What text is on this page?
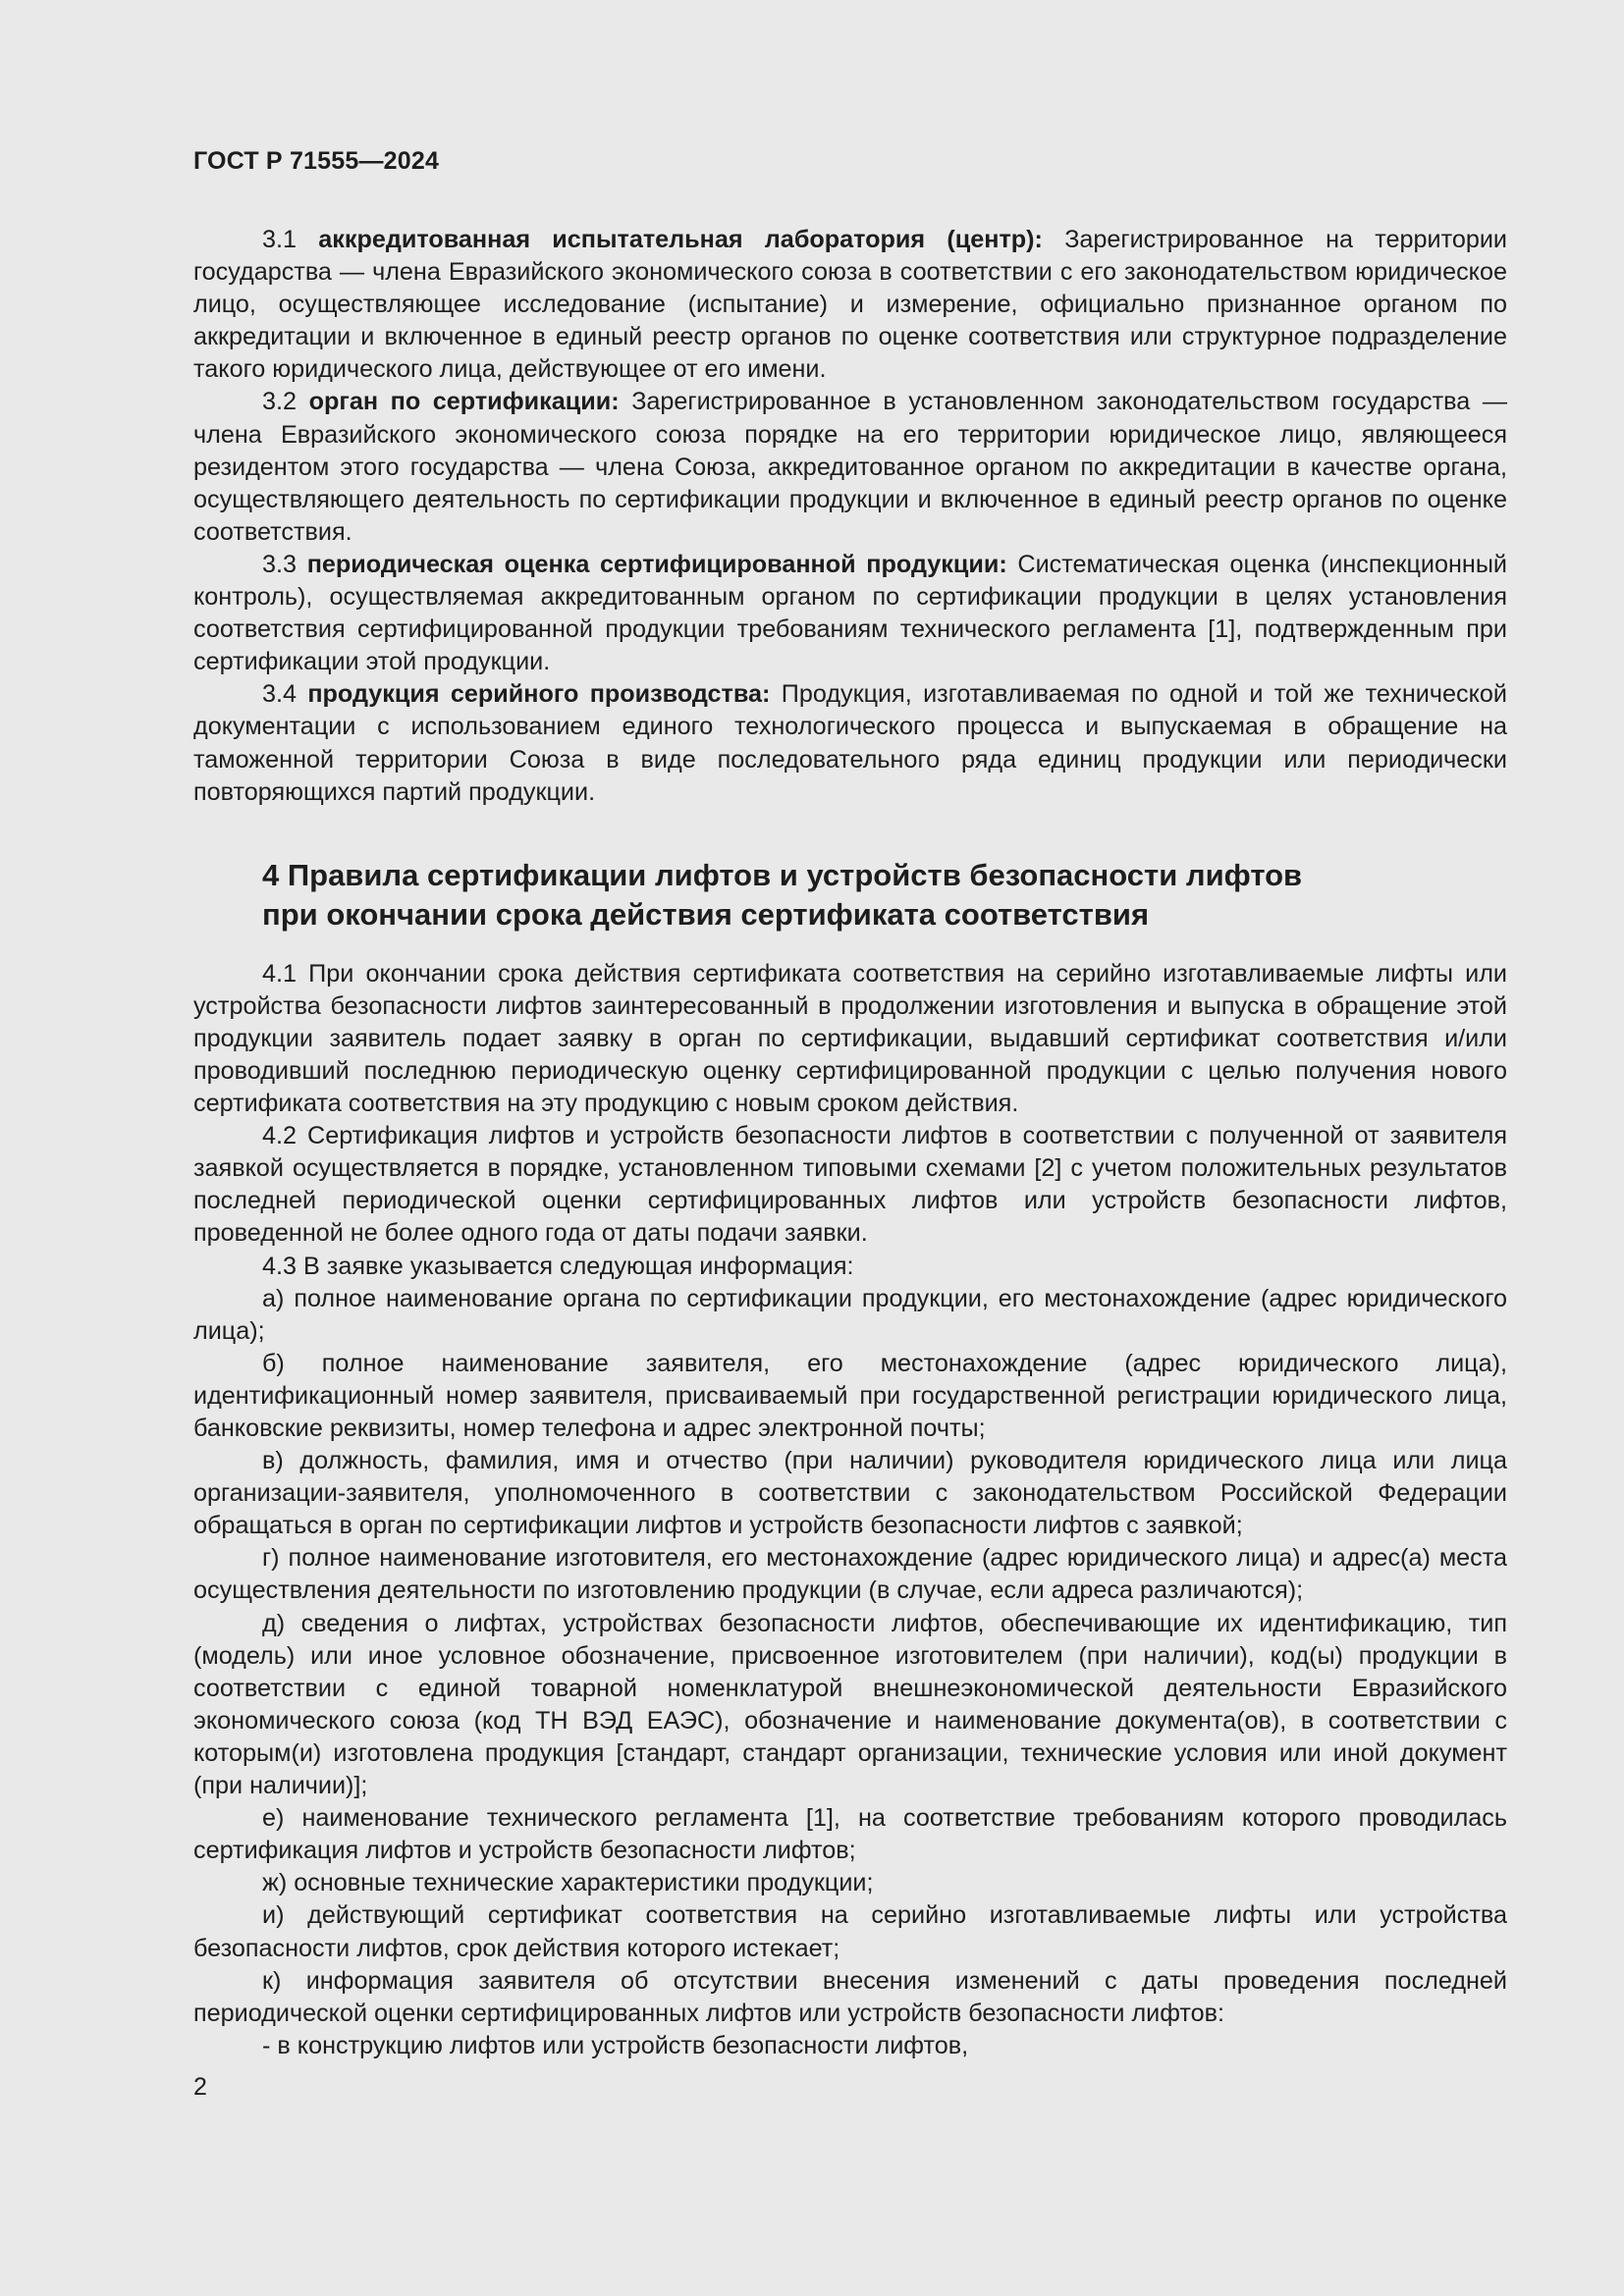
ГОСТ Р 71555—2024

3.1 аккредитованная испытательная лаборатория (центр): Зарегистрированное на территории государства — члена Евразийского экономического союза в соответствии с его законодательством юридическое лицо, осуществляющее исследование (испытание) и измерение, официально признанное органом по аккредитации и включенное в единый реестр органов по оценке соответствия или структурное подразделение такого юридического лица, действующее от его имени.

3.2 орган по сертификации: Зарегистрированное в установленном законодательством государства — члена Евразийского экономического союза порядке на его территории юридическое лицо, являющееся резидентом этого государства — члена Союза, аккредитованное органом по аккредитации в качестве органа, осуществляющего деятельность по сертификации продукции и включенное в единый реестр органов по оценке соответствия.

3.3 периодическая оценка сертифицированной продукции: Систематическая оценка (инспекционный контроль), осуществляемая аккредитованным органом по сертификации продукции в целях установления соответствия сертифицированной продукции требованиям технического регламента [1], подтвержденным при сертификации этой продукции.

3.4 продукция серийного производства: Продукция, изготавливаемая по одной и той же технической документации с использованием единого технологического процесса и выпускаемая в обращение на таможенной территории Союза в виде последовательного ряда единиц продукции или периодически повторяющихся партий продукции.

4 Правила сертификации лифтов и устройств безопасности лифтов
при окончании срока действия сертификата соответствия

4.1 При окончании срока действия сертификата соответствия на серийно изготавливаемые лифты или устройства безопасности лифтов заинтересованный в продолжении изготовления и выпуска в обращение этой продукции заявитель подает заявку в орган по сертификации, выдавший сертификат соответствия и/или проводивший последнюю периодическую оценку сертифицированной продукции с целью получения нового сертификата соответствия на эту продукцию с новым сроком действия.

4.2 Сертификация лифтов и устройств безопасности лифтов в соответствии с полученной от заявителя заявкой осуществляется в порядке, установленном типовыми схемами [2] с учетом положительных результатов последней периодической оценки сертифицированных лифтов или устройств безопасности лифтов, проведенной не более одного года от даты подачи заявки.

4.3 В заявке указывается следующая информация:

а) полное наименование органа по сертификации продукции, его местонахождение (адрес юридического лица);

б) полное наименование заявителя, его местонахождение (адрес юридического лица), идентификационный номер заявителя, присваиваемый при государственной регистрации юридического лица, банковские реквизиты, номер телефона и адрес электронной почты;

в) должность, фамилия, имя и отчество (при наличии) руководителя юридического лица или лица организации-заявителя, уполномоченного в соответствии с законодательством Российской Федерации обращаться в орган по сертификации лифтов и устройств безопасности лифтов с заявкой;

г) полное наименование изготовителя, его местонахождение (адрес юридического лица) и адрес(а) места осуществления деятельности по изготовлению продукции (в случае, если адреса различаются);

д) сведения о лифтах, устройствах безопасности лифтов, обеспечивающие их идентификацию, тип (модель) или иное условное обозначение, присвоенное изготовителем (при наличии), код(ы) продукции в соответствии с единой товарной номенклатурой внешнеэкономической деятельности Евразийского экономического союза (код ТН ВЭД ЕАЭС), обозначение и наименование документа(ов), в соответствии с которым(и) изготовлена продукция [стандарт, стандарт организации, технические условия или иной документ (при наличии)];

е) наименование технического регламента [1], на соответствие требованиям которого проводилась сертификация лифтов и устройств безопасности лифтов;

ж) основные технические характеристики продукции;

и) действующий сертификат соответствия на серийно изготавливаемые лифты или устройства безопасности лифтов, срок действия которого истекает;

к) информация заявителя об отсутствии внесения изменений с даты проведения последней периодической оценки сертифицированных лифтов или устройств безопасности лифтов:

- в конструкцию лифтов или устройств безопасности лифтов,

2
